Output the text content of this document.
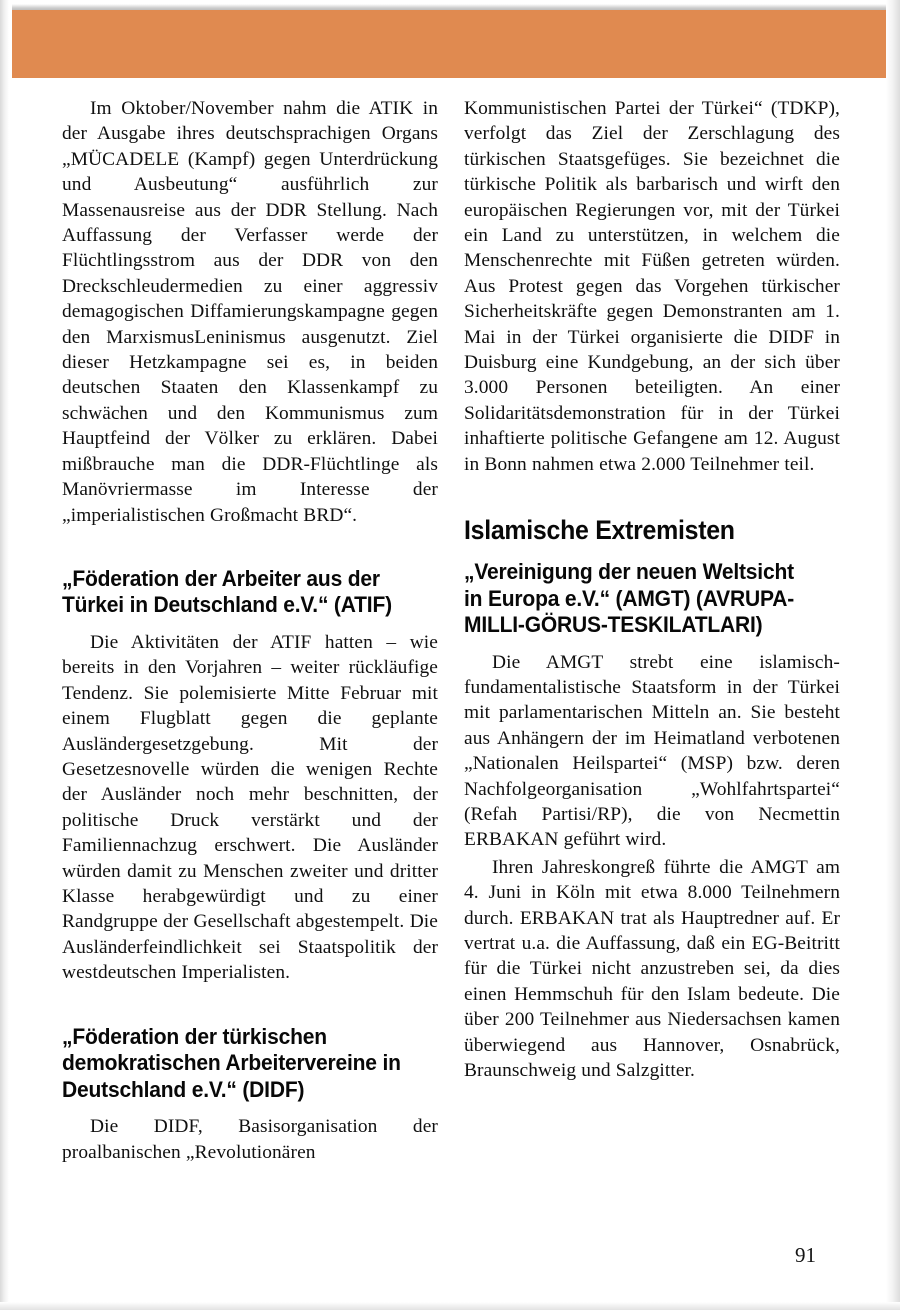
Im Oktober/November nahm die ATIK in der Ausgabe ihres deutschsprachigen Organs „MÜCADELE (Kampf) gegen Unterdrückung und Ausbeutung“ ausführlich zur Massenausreise aus der DDR Stellung. Nach Auffassung der Verfasser werde der Flüchtlingsstrom aus der DDR von den Dreckschleudermedien zu einer aggressiv demagogischen Diffamierungskampagne gegen den MarxismusLeninismus ausgenutzt. Ziel dieser Hetzkampagne sei es, in beiden deutschen Staaten den Klassenkampf zu schwächen und den Kommunismus zum Hauptfeind der Völker zu erklären. Dabei mißbrauche man die DDR-Flüchtlinge als Manövriermasse im Interesse der „imperialistischen Großmacht BRD“.

„Föderation der Arbeiter aus der Türkei in Deutschland e.V.“ (ATIF)

Die Aktivitäten der ATIF hatten – wie bereits in den Vorjahren – weiter rückläufige Tendenz. Sie polemisierte Mitte Februar mit einem Flugblatt gegen die geplante Ausländergesetzgebung. Mit der Gesetzesnovelle würden die wenigen Rechte der Ausländer noch mehr beschnitten, der politische Druck verstärkt und der Familiennachzug erschwert. Die Ausländer würden damit zu Menschen zweiter und dritter Klasse herabgewürdigt und zu einer Randgruppe der Gesellschaft abgestempelt. Die Ausländerfeindlichkeit sei Staatspolitik der westdeutschen Imperialisten.

„Föderation der türkischen demokratischen Arbeitervereine in Deutschland e.V.“ (DIDF)

Die DIDF, Basisorganisation der proalbanischen „Revolutionären

Kommunistischen Partei der Türkei“ (TDKP), verfolgt das Ziel der Zerschlagung des türkischen Staatsgefüges. Sie bezeichnet die türkische Politik als barbarisch und wirft den europäischen Regierungen vor, mit der Türkei ein Land zu unterstützen, in welchem die Menschenrechte mit Füßen getreten würden. Aus Protest gegen das Vorgehen türkischer Sicherheitskräfte gegen Demonstranten am 1. Mai in der Türkei organisierte die DIDF in Duisburg eine Kundgebung, an der sich über 3.000 Personen beteiligten. An einer Solidaritätsdemonstration für in der Türkei inhaftierte politische Gefangene am 12. August in Bonn nahmen etwa 2.000 Teilnehmer teil.

Islamische Extremisten
„Vereinigung der neuen Weltsicht in Europa e.V.“ (AMGT) (AVRUPA-MILLI-GÖRUS-TESKILATLARI)

Die AMGT strebt eine islamisch-fundamentalistische Staatsform in der Türkei mit parlamentarischen Mitteln an. Sie besteht aus Anhängern der im Heimatland verbotenen „Nationalen Heilspartei“ (MSP) bzw. deren Nachfolgeorganisation „Wohlfahrtspartei“ (Refah Partisi/RP), die von Necmettin ERBAKAN geführt wird.

Ihren Jahreskongreß führte die AMGT am 4. Juni in Köln mit etwa 8.000 Teilnehmern durch. ERBAKAN trat als Hauptredner auf. Er vertrat u.a. die Auffassung, daß ein EG-Beitritt für die Türkei nicht anzustreben sei, da dies einen Hemmschuh für den Islam bedeute. Die über 200 Teilnehmer aus Niedersachsen kamen überwiegend aus Hannover, Osnabrück, Braunschweig und Salzgitter.

91
